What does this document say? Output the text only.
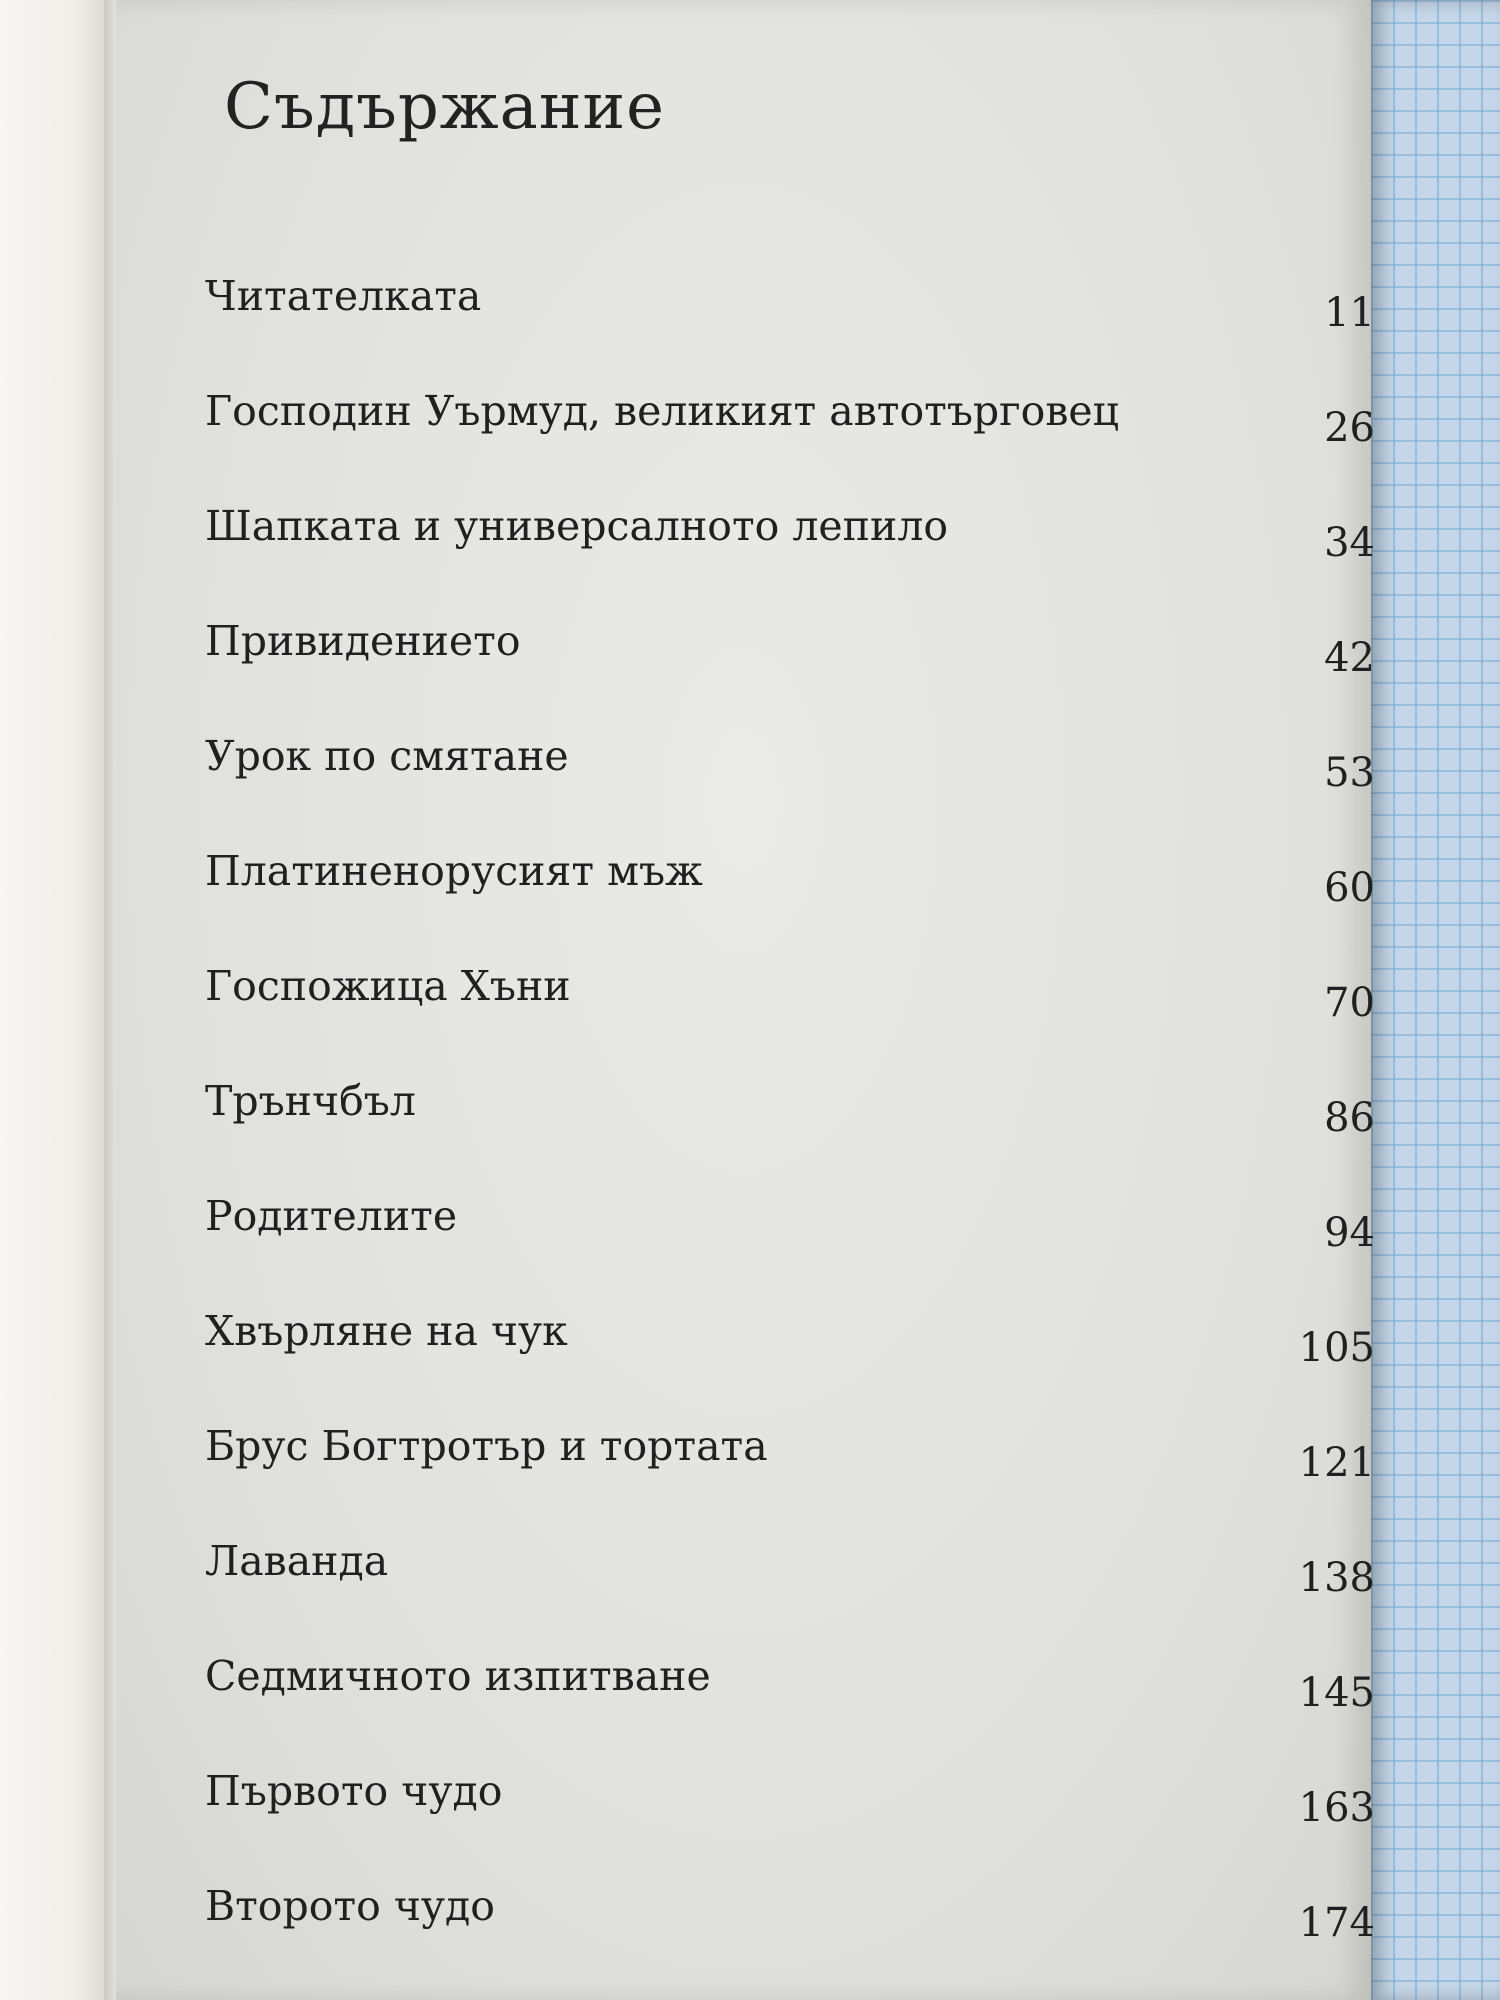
Съдържание
Читателката	11
Господин Уърмуд, великият автотърговец	26
Шапката и универсалното лепило	34
Привидението	42
Урок по смятане	53
Платиненорусият мъж	60
Госпожица Хъни	70
Трънчбъл	86
Родителите	94
Хвърляне на чук	105
Брус Богтротър и тортата	121
Лаванда	138
Седмичното изпитване	145
Първото чудо	163
Второто чудо	174
